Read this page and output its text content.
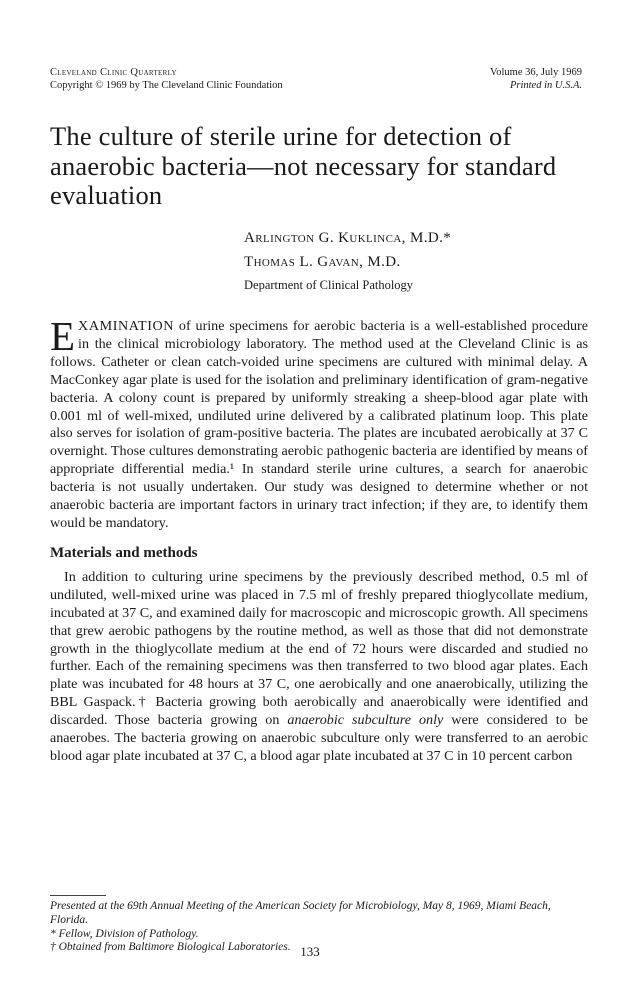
Cleveland Clinic Quarterly
Copyright © 1969 by The Cleveland Clinic Foundation
Volume 36, July 1969
Printed in U.S.A.
The culture of sterile urine for detection of anaerobic bacteria—not necessary for standard evaluation
Arlington G. Kuklinca, M.D.*
Thomas L. Gavan, M.D.
Department of Clinical Pathology

EXAMINATION of urine specimens for aerobic bacteria is a well-established procedure in the clinical microbiology laboratory. The method used at the Cleveland Clinic is as follows. Catheter or clean catch-voided urine specimens are cultured with minimal delay. A MacConkey agar plate is used for the isolation and preliminary identification of gram-negative bacteria. A colony count is prepared by uniformly streaking a sheep-blood agar plate with 0.001 ml of well-mixed, undiluted urine delivered by a calibrated platinum loop. This plate also serves for isolation of gram-positive bacteria. The plates are incubated aerobically at 37 C overnight. Those cultures demonstrating aerobic pathogenic bacteria are identified by means of appropriate differential media.¹ In standard sterile urine cultures, a search for anaerobic bacteria is not usually undertaken. Our study was designed to determine whether or not anaerobic bacteria are important factors in urinary tract infection; if they are, to identify them would be mandatory.

Materials and methods

In addition to culturing urine specimens by the previously described method, 0.5 ml of undiluted, well-mixed urine was placed in 7.5 ml of freshly prepared thioglycollate medium, incubated at 37 C, and examined daily for macroscopic and microscopic growth. All specimens that grew aerobic pathogens by the routine method, as well as those that did not demonstrate growth in the thioglycollate medium at the end of 72 hours were discarded and studied no further. Each of the remaining specimens was then transferred to two blood agar plates. Each plate was incubated for 48 hours at 37 C, one aerobically and one anaerobically, utilizing the BBL Gaspack.† Bacteria growing both aerobically and anaerobically were identified and discarded. Those bacteria growing on anaerobic subculture only were considered to be anaerobes. The bacteria growing on anaerobic subculture only were transferred to an aerobic blood agar plate incubated at 37 C, a blood agar plate incubated at 37 C in 10 percent carbon

Presented at the 69th Annual Meeting of the American Society for Microbiology, May 8, 1969, Miami Beach, Florida.

* Fellow, Division of Pathology.

† Obtained from Baltimore Biological Laboratories. 133
